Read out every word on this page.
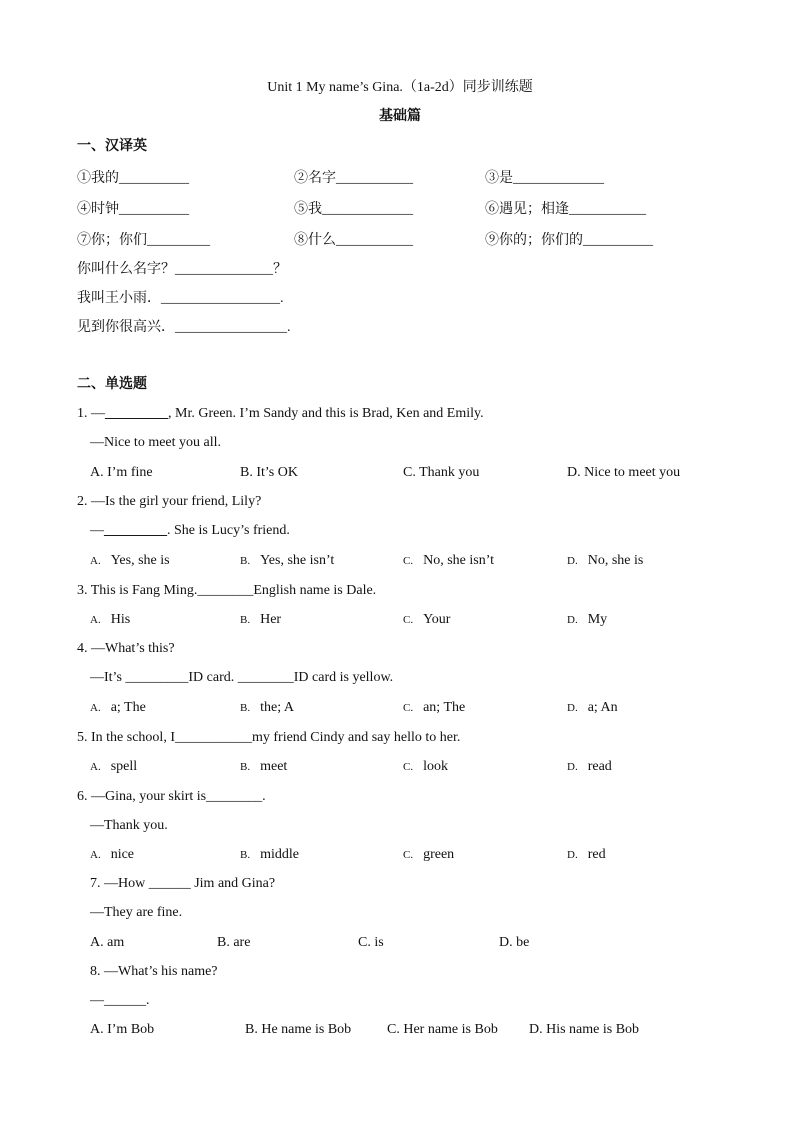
Unit 1 My name’s Gina.（1a-2d）同步训练题
基础篇
一、汉译英
①我的__________	②名字___________	③是_____________
④时钟__________	⑤我_____________	⑥遇见；相逢___________
⑦你；你们_________	⑧什么___________	⑨你的；你们的__________
你叫什么名字？______________？
我叫王小雨．_________________.
见到你很高兴．________________.
二、单选题
1. —_________, Mr. Green. I’m Sandy and this is Brad, Ken and Emily.
—Nice to meet you all.
A. I’m fine	B. It’s OK	C. Thank you	D. Nice to meet you
2. —Is the girl your friend, Lily?
—_________. She is Lucy’s friend.
A. Yes, she is	B. Yes, she isn’t	C. No, she isn’t	D. No, she is
3. This is Fang Ming.________English name is Dale.
A. His	B. Her	C. Your	D. My
4. —What’s this?
—It’s _________ID card. ________ID card is yellow.
A. a; The	B. the; A	C. an; The	D. a; An
5. In the school, I___________my friend Cindy and say hello to her.
A. spell	B. meet	C. look	D. read
6. —Gina, your skirt is________.
—Thank you.
A. nice	B. middle	C. green	D. red
7. —How ______ Jim and Gina?
—They are fine.
A. am	B. are	C. is	D. be
8. —What’s his name?
—______.
A. I’m Bob	B. He name is Bob	C. Her name is Bob D. His name is Bob
